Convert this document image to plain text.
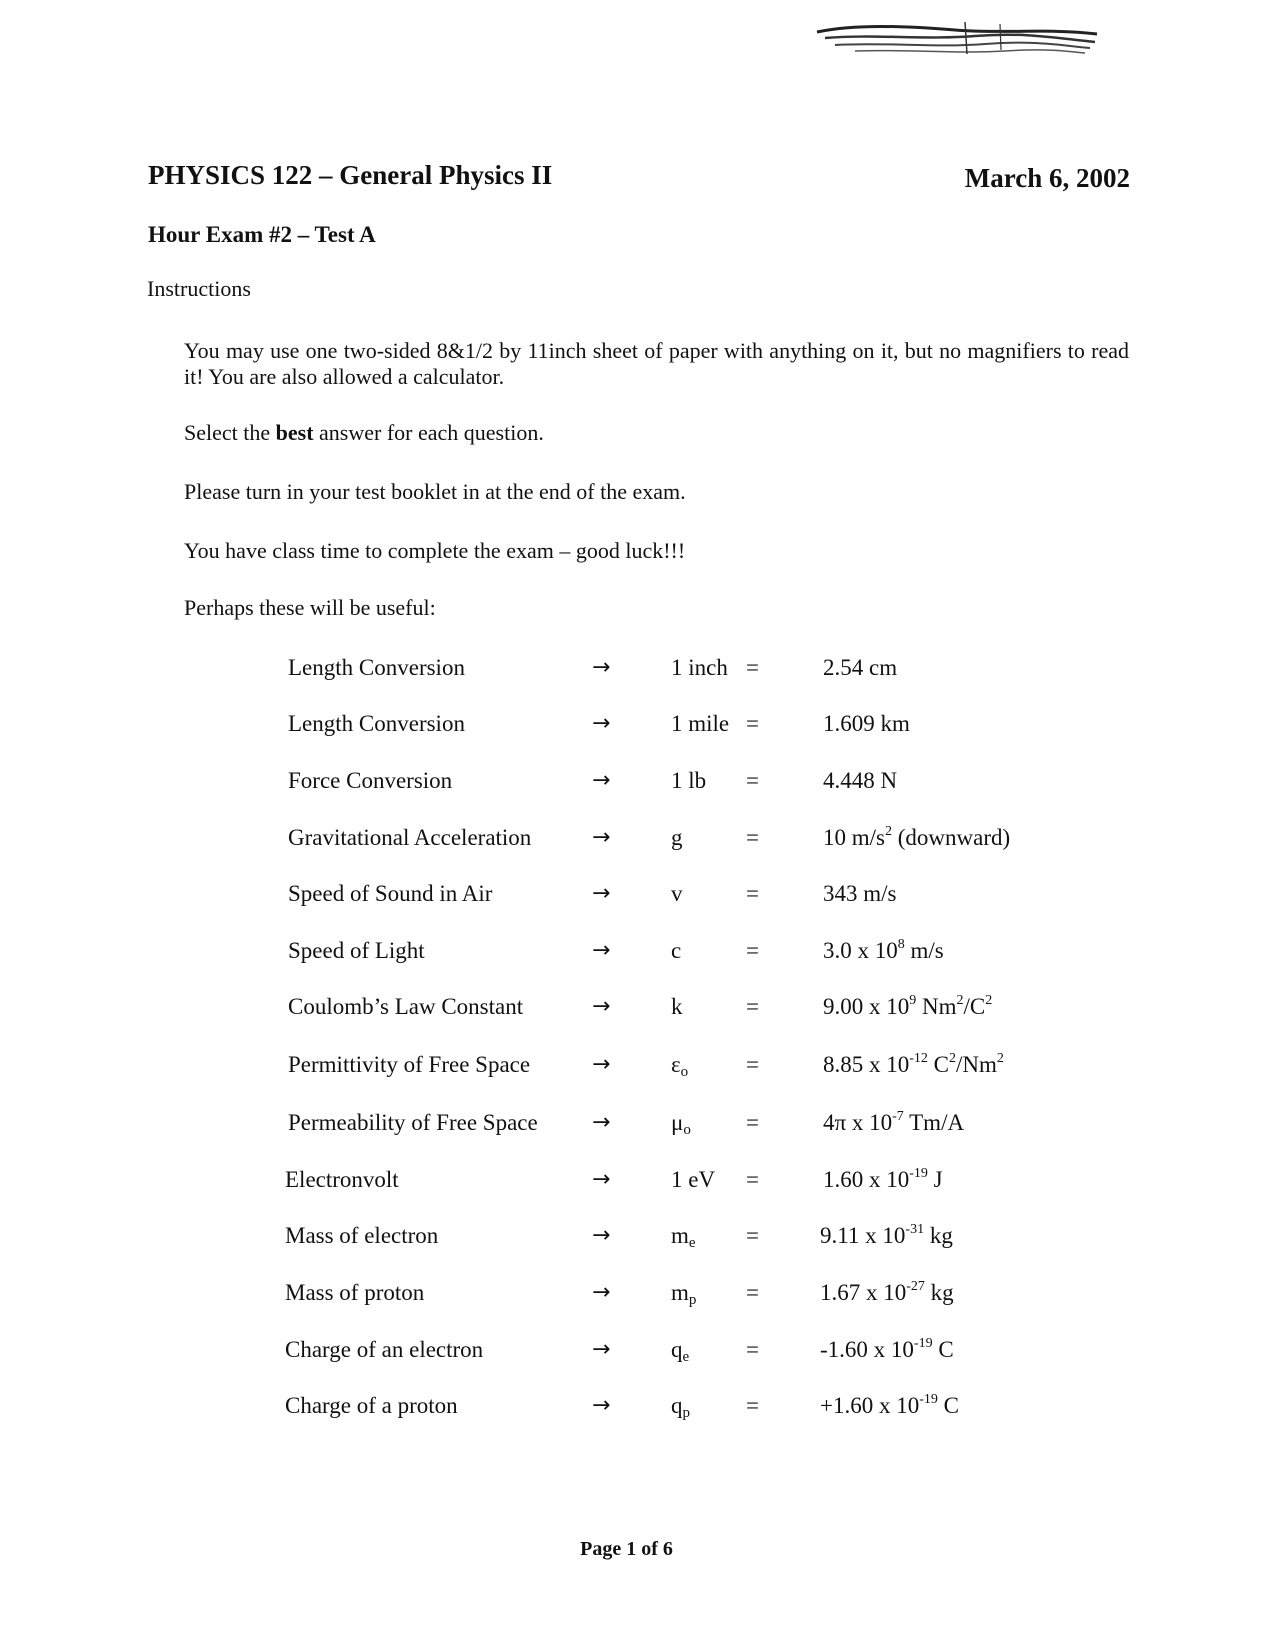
PHYSICS 122 – General Physics II	March 6, 2002
Hour Exam #2 – Test A
Instructions
You may use one two-sided 8&1/2 by 11inch sheet of paper with anything on it, but no magnifiers to read it! You are also allowed a calculator.
Select the best answer for each question.
Please turn in your test booklet in at the end of the exam.
You have class time to complete the exam – good luck!!!
Perhaps these will be useful:
Length Conversion	→	1 inch =	2.54 cm
Length Conversion	→	1 mile =	1.609 km
Force Conversion	→	1 lb =	4.448 N
Gravitational Acceleration	→	g	=	10 $m/s^2$ (downward)
Speed of Sound in Air	→	v	=	343 m/s
Speed of Light	→	c	=	3.0 x $10^8$ m/s
Coulomb’s Law Constant	→	k	=	9.00 x $10^9$ $Nm^2/C^2$
Permittivity of Free Space	→	$\varepsilon_o$	=	8.85 x $10^{-12}$ $C^2/Nm^2$
Permeability of Free Space →	$\mu_o$ =	4π x $10^{-7}$ Tm/A
Electronvolt	→	1 eV =	1.60 x $10^{-19}$ J
Mass of electron	→	$m_e$ =	9.11 x $10^{-31}$ kg
Mass of proton	→	$m_p$ =	1.67 x $10^{-27}$ kg
Charge of an electron	→	$q_e$ =	-1.60 x $10^{-19}$ C
Charge of a proton	→	$q_p$ =	+1.60 x $10^{-19}$ C
Page 1 of 6
